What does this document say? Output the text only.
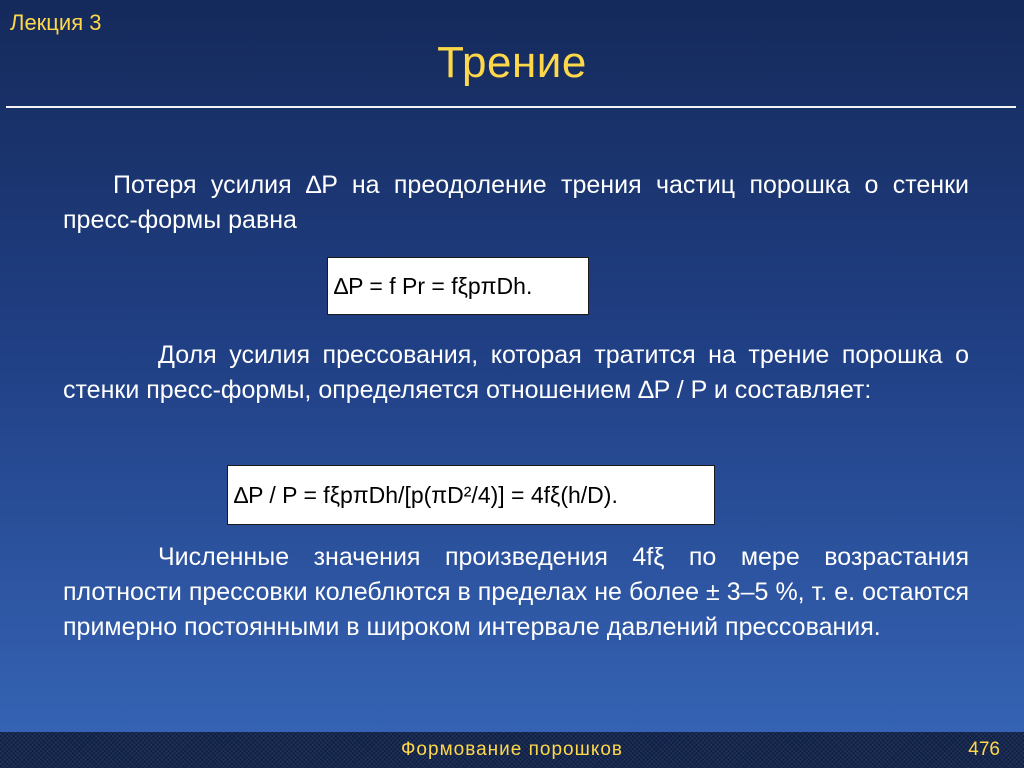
Лекция 3
Трение

Потеря усилия ∆P на преодоление трения частиц порошка о стенки пресс-формы равна

∆P = f Pr = fξpπDh.

Доля усилия прессования, которая тратится на трение порошка о стенки пресс-формы, определяется отношением ∆P / P и составляет:

∆P / P = fξpπDh/[p(πD²/4)] = 4fξ(h/D).

Численные значения произведения 4fξ по мере возрастания плотности прессовки колеблются в пределах не более ± 3–5 %, т. е. остаются примерно постоянными в широком интервале давлений прессования.

Формование порошков	476
